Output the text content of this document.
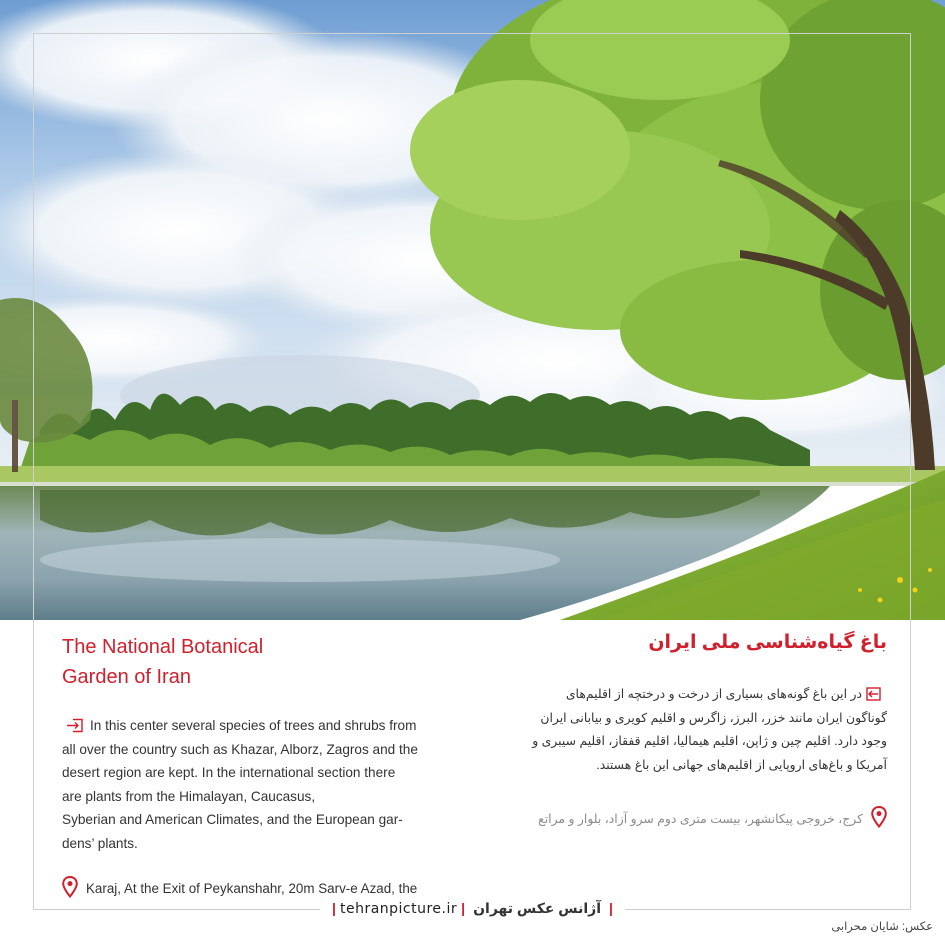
The National Botanical
Garden of Iran
باغ گیاه‌شناسی ملی ایران
در این باغ گونه‌های بسیاری از درخت و درختچه از اقلیم‌های
گوناگون ایران مانند خزر، البرز، زاگرس و اقلیم کویری و بیابانی ایران
وجود دارد. اقلیم چین و ژاپن، اقلیم هیمالیا، اقلیم قفقاز، اقلیم سیبری و
آمریکا و باغ‌های اروپایی از اقلیم‌های جهانی این باغ هستند.
In this center several species of trees and shrubs from
all over the country such as Khazar, Alborz, Zagros and the
desert region are kept. In the international section there
are plants from the Himalayan, Caucasus,
Syberian and American Climates, and the European gar-
dens’ plants.
کرج، خروجی پیکانشهر، بیست متری دوم سرو آزاد، بلوار و مراتع
Karaj, At the Exit of Peykanshahr, 20m Sarv-e Azad, the
| tehranpicture.ir | آژانس عکس تهران |
عکس: شایان محرابی
